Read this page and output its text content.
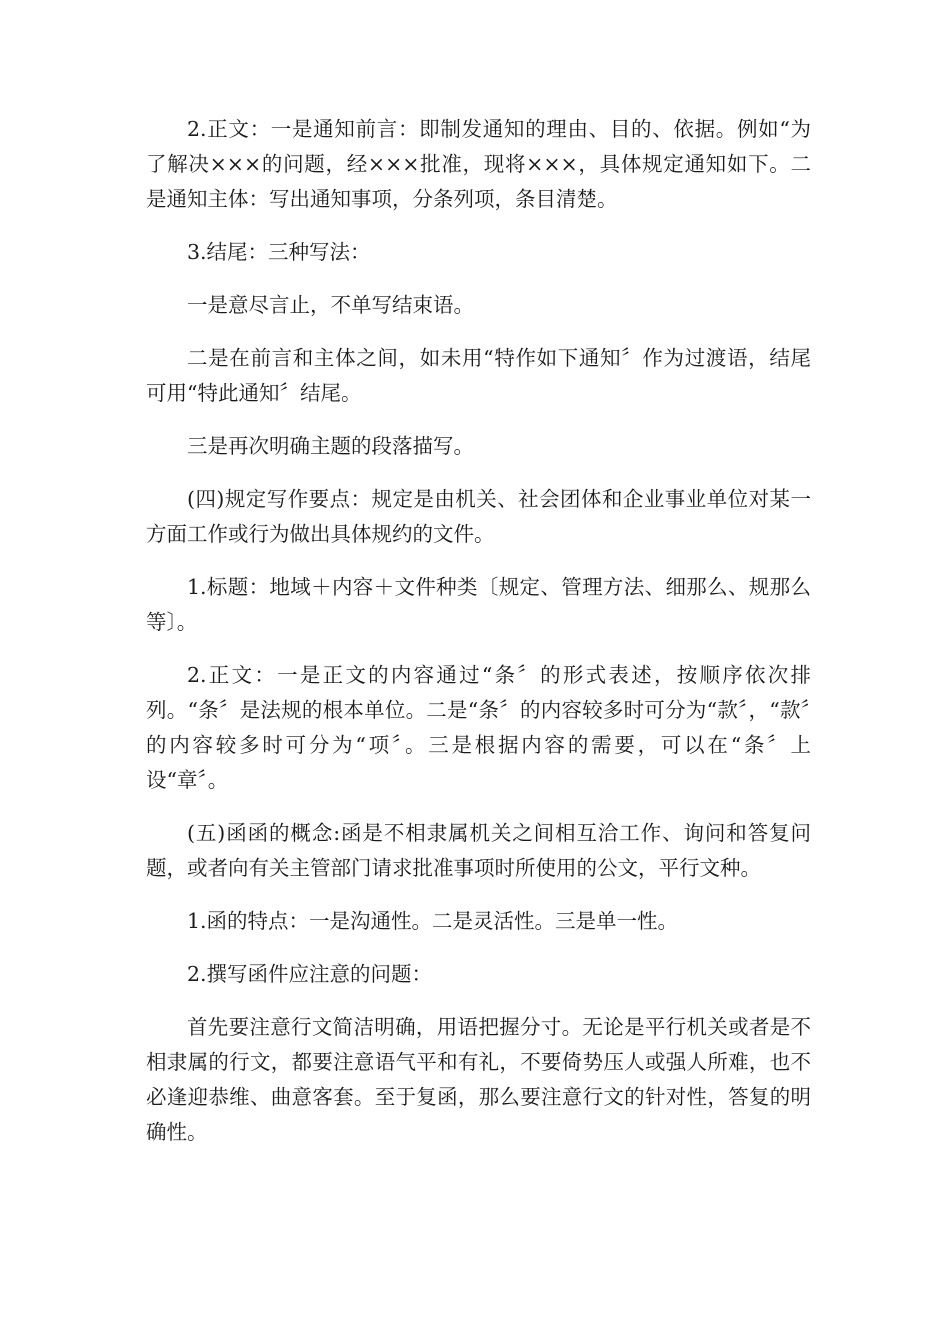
2.正文：一是通知前言：即制发通知的理由、目的、依据。例如“为了解决×××的问题，经×××批准，现将×××，具体规定通知如下。二是通知主体：写出通知事项，分条列项，条目清楚。

3.结尾：三种写法：

一是意尽言止，不单写结束语。

二是在前言和主体之间，如未用“特作如下通知〞作为过渡语，结尾可用“特此通知〞结尾。

三是再次明确主题的段落描写。

(四)规定写作要点：规定是由机关、社会团体和企业事业单位对某一方面工作或行为做出具体规约的文件。

1.标题：地域＋内容＋文件种类〔规定、管理方法、细那么、规那么等〕。

2.正文：一是正文的内容通过“条〞的形式表述，按顺序依次排列。“条〞是法规的根本单位。二是“条〞的内容较多时可分为“款〞，“款〞的内容较多时可分为“项〞。三是根据内容的需要，可以在“条〞上设“章〞。

(五)函函的概念:函是不相隶属机关之间相互洽工作、询问和答复问题，或者向有关主管部门请求批准事项时所使用的公文，平行文种。

1.函的特点：一是沟通性。二是灵活性。三是单一性。

2.撰写函件应注意的问题：

首先要注意行文简洁明确，用语把握分寸。无论是平行机关或者是不相隶属的行文，都要注意语气平和有礼，不要倚势压人或强人所难，也不必逢迎恭维、曲意客套。至于复函，那么要注意行文的针对性，答复的明确性。
